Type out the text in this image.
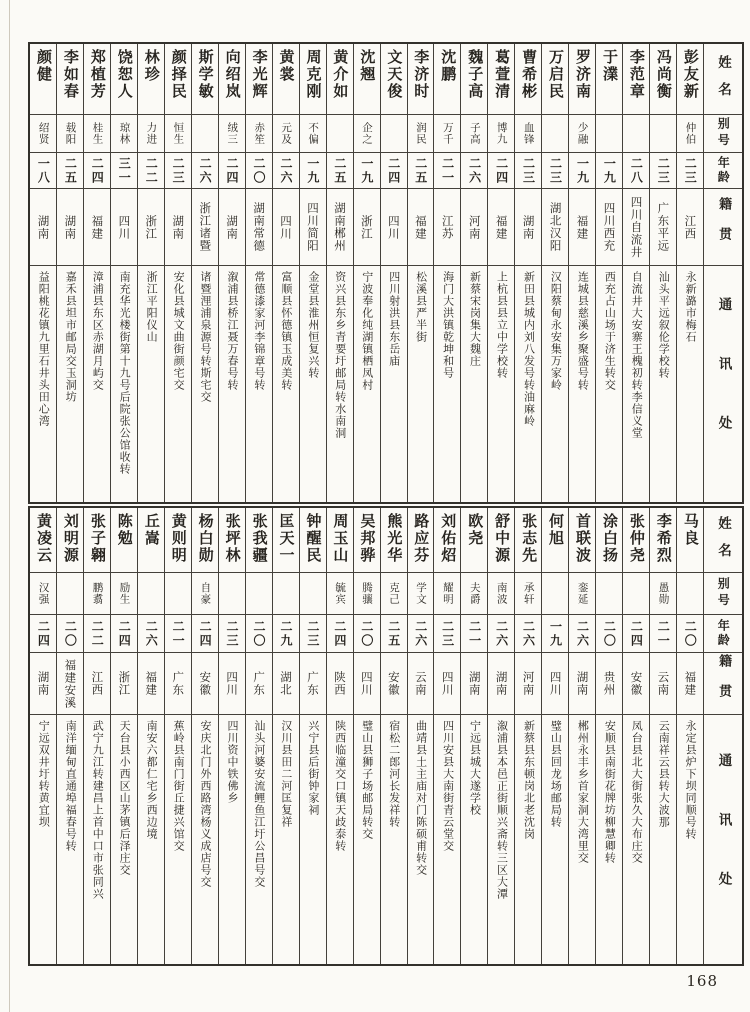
姓名
别号
年龄
籍贯
通讯处
彭友新
仲伯
二三
江西
永新潞市梅石
冯尚衡
二三
广东平远
汕头平远叙伦学校转
李范章
二八
四川自流井
自流井大安寨王槐初转李信义堂
于澲
一九
四川西充
西充占山场于济生转交
罗济南
少融
一九
福建
连城县慈溪乡聚盛号转
万启民
二三
湖北汉阳
汉阳蔡甸永安集万家岭
曹希彬
血锋
二三
湖南
新田县城内刘八发号转油麻岭
葛萱清
博九
二四
福建
上杭县县立中学校转
魏子高
子高
二六
河南
新蔡宋岗集大魏庄
沈鹏
万千
二一
江苏
海门大洪镇乾坤和号
李济时
润民
二五
福建
松溪县严半街
文天俊
二四
四川
四川射洪县东岳庙
沈翘
企之
一九
浙江
宁波奉化纯湖镇栖凤村
黄介如
二五
湖南郴州
资兴县东乡青要圩邮局转水南洞
周克刚
不偏
一九
四川简阳
金堂县淮州恒复兴转
黄裳
元及
二六
四川
富顺县怀德镇玉成美转
李光辉
赤笙
二〇
湖南常德
常德漆家河李锦章号转
向绍岚
绒三
二四
湖南
溆浦县桥江聂万春号转
斯学敏
二六
浙江诸暨
诸暨浬浦泉源号转斯宅交
颜择民
恒生
二三
湖南
安化县城文曲街颜宅交
林珍
力进
二二
浙江
浙江平阳仪山
饶恕人
琼林
三一
四川
南充华光楼街第十九号后院张公馆收转
郑植芳
桂生
二四
福建
漳浦县东区赤湖月屿交
李如春
载阳
二五
湖南
嘉禾县坦市邮局交玉洞坊
颜健
绍贤
一八
湖南
益阳桃花镇九里石井头田心湾
姓名
别号
年龄
籍贯
通讯处
马良
二〇
福建
永定县炉下坝同顺号转
李希烈
愚勋
二一
云南
云南祥云县转大波那
张仲尧
二四
安徽
凤台县北大街张久大布庄交
涂白扬
二〇
贵州
安顺县南街花牌坊柳慧卿转
首联波
銮延
二六
湖南
郴州永丰乡首家洞大湾里交
何旭
一九
四川
璧山县回龙场邮局转
张志先
承轩
二六
河南
新蔡县东顿岗北老沈岗
舒中源
南波
二六
湖南
溆浦县本邑正街顺兴斋转三区大潭
欧尧
夫爵
二一
湖南
宁远县城大遂学校
刘佑炤
耀明
二三
四川
四川安县大南街青云堂交
路应芬
学文
二六
云南
曲靖县土主庙对门陈硕甫转交
熊光华
克己
二五
安徽
宿松二郎河长发祥转
吴邦骅
腾骧
二〇
四川
璧山县狮子场邮局转交
周玉山
毓宾
二四
陕西
陕西临潼交口镇天歧泰转
钟醒民
二三
广东
兴宁县后街钟家祠
匡天一
二九
湖北
汉川县田二河匡复祥
张我疆
二〇
广东
汕头河婆安流鲤鱼江圩公昌号交
张坪林
二三
四川
四川资中铁佛乡
杨白勋
自豪
二四
安徽
安庆北门外西路湾杨义成店号交
黄则明
二一
广东
蕉岭县南门街丘捷兴馆交
丘嵩
二六
福建
南安六都仁宅乡西边境
陈勉
励生
二四
浙江
天台县小西区山茅镇后泽庄交
张子翱
鹏翥
二二
江西
武宁九江转建昌上首中口市张同兴
刘明源
二〇
福建安溪
南洋缅甸直通埠福春号转
黄凌云
汉强
二四
湖南
宁远双井圩转黄宜坝
168
